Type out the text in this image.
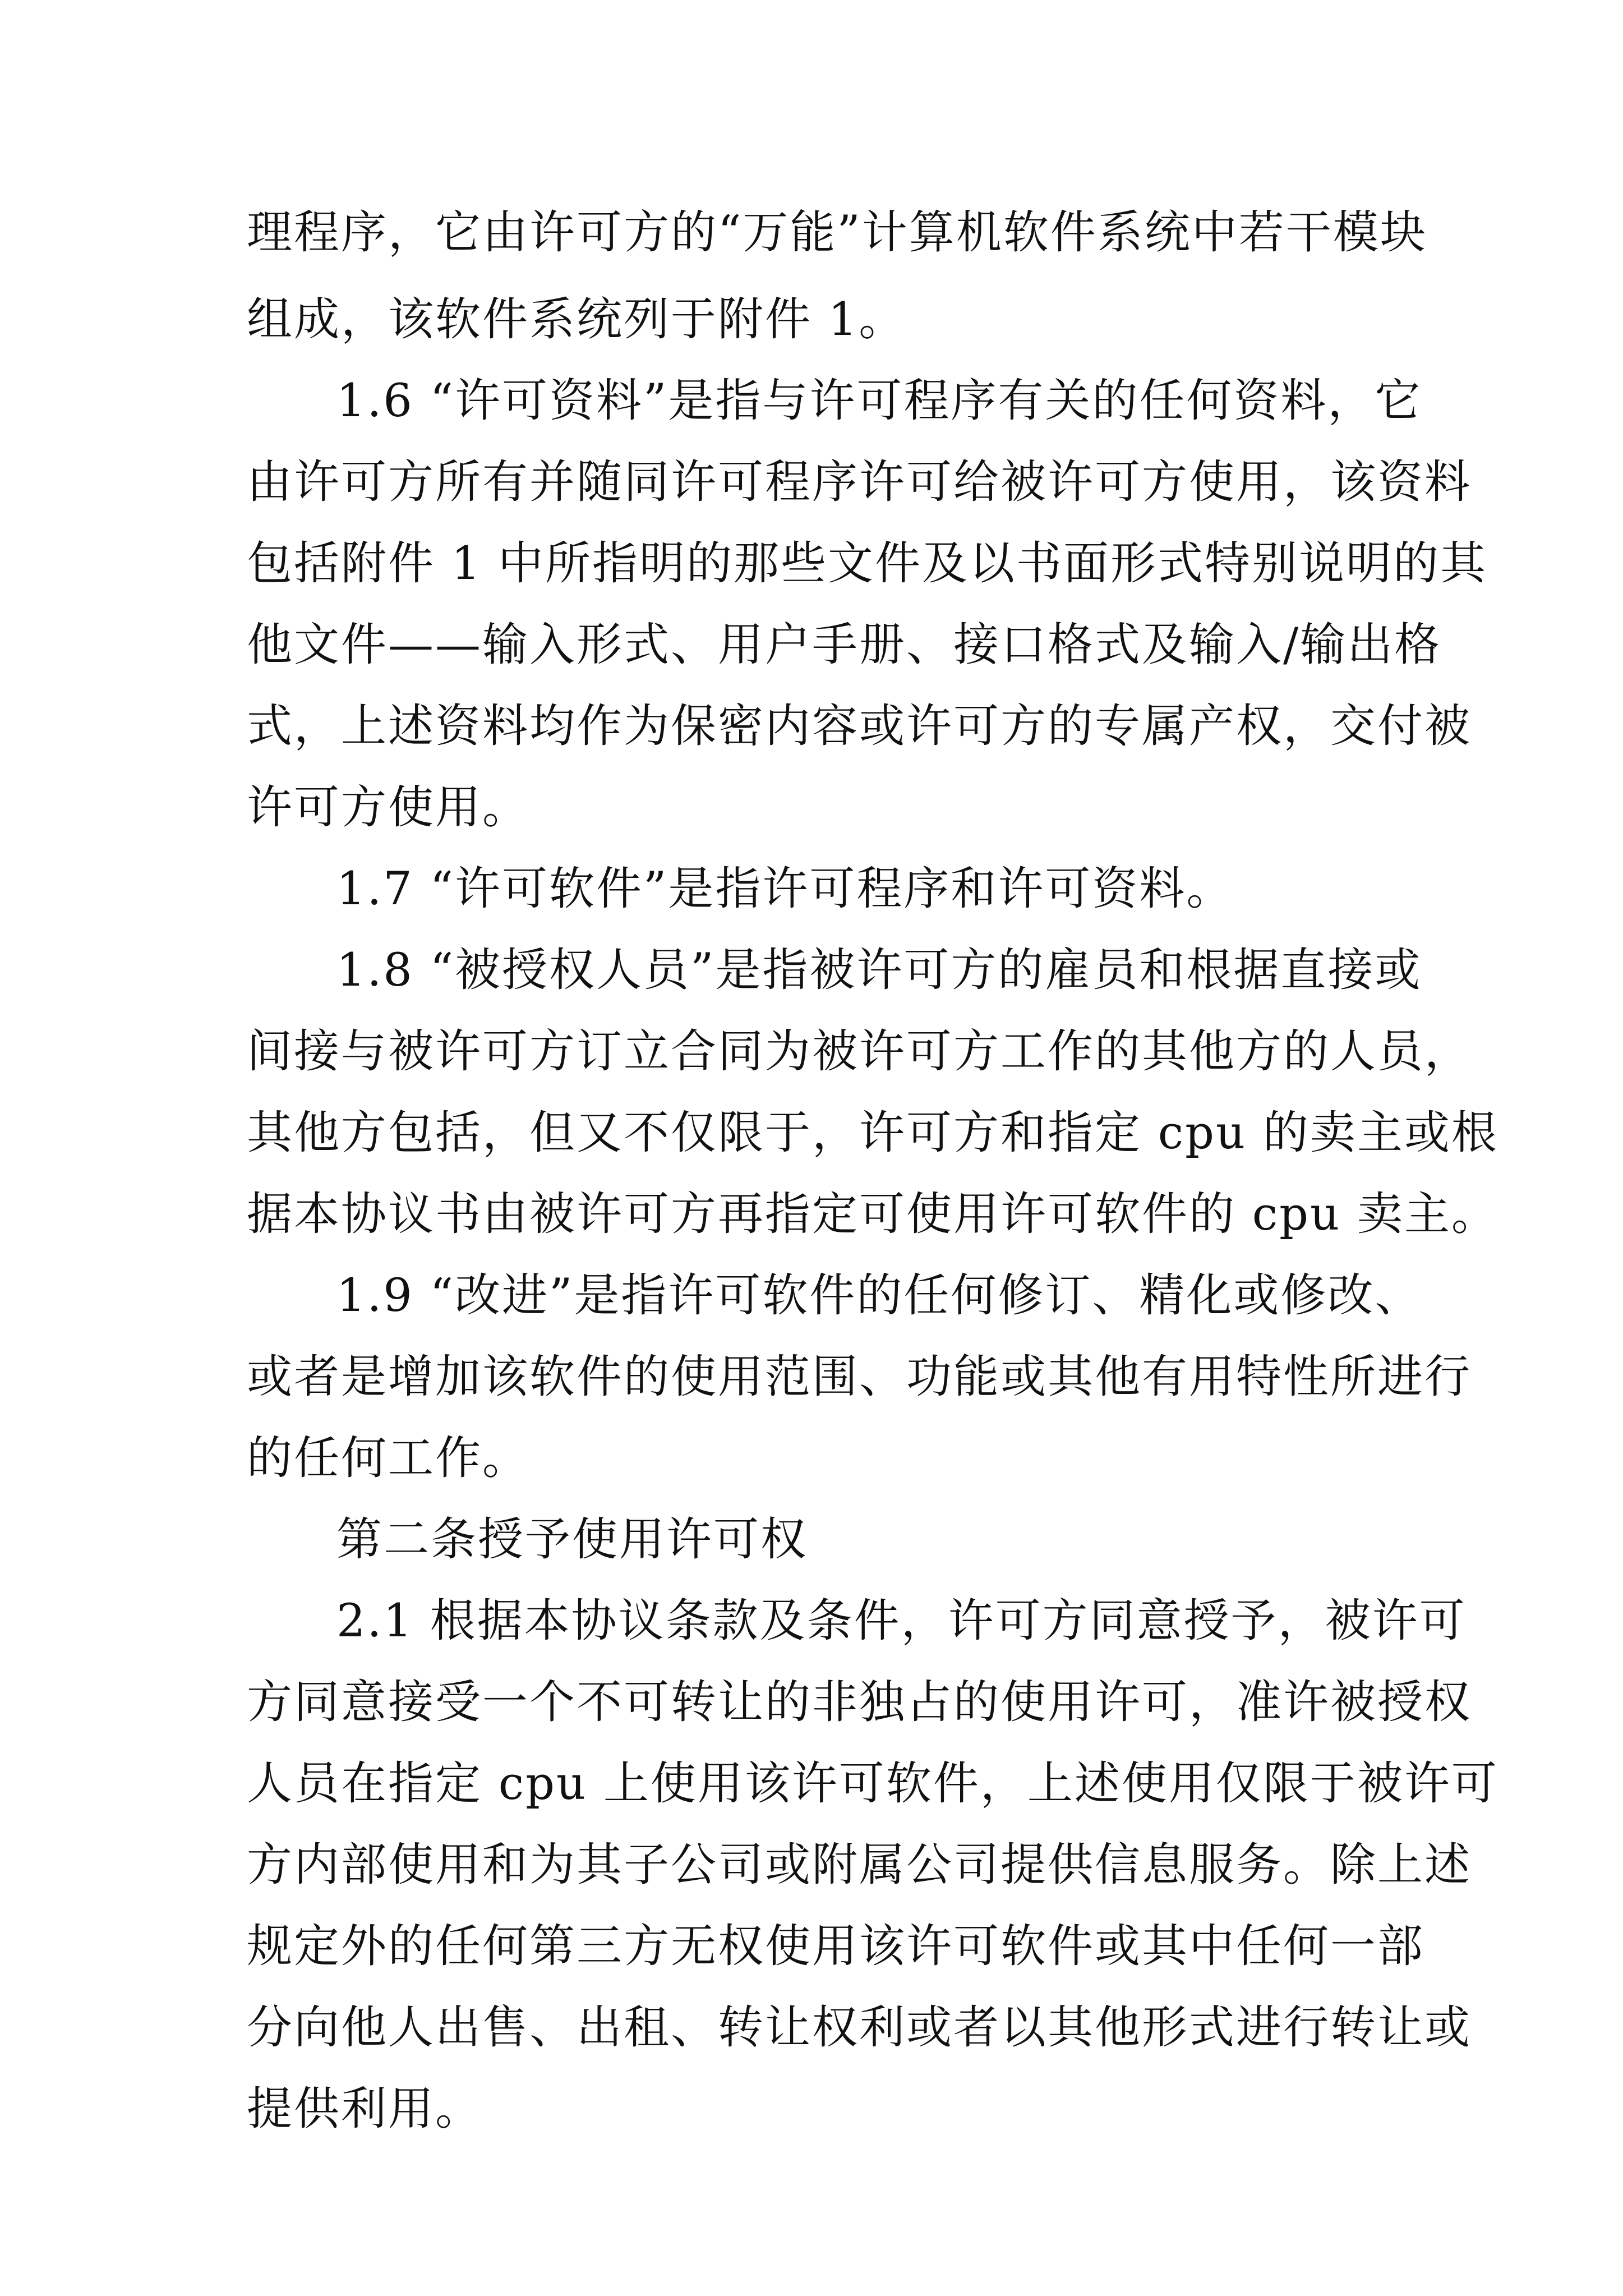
理程序，它由许可方的“万能”计算机软件系统中若干模块
组成，该软件系统列于附件 1。
1.6 “许可资料”是指与许可程序有关的任何资料，它
由许可方所有并随同许可程序许可给被许可方使用，该资料
包括附件 1 中所指明的那些文件及以书面形式特别说明的其
他文件——输入形式、用户手册、接口格式及输入/输出格
式，上述资料均作为保密内容或许可方的专属产权，交付被
许可方使用。
1.7 “许可软件”是指许可程序和许可资料。
1.8 “被授权人员”是指被许可方的雇员和根据直接或
间接与被许可方订立合同为被许可方工作的其他方的人员，
其他方包括，但又不仅限于，许可方和指定 cpu 的卖主或根
据本协议书由被许可方再指定可使用许可软件的 cpu 卖主。
1.9 “改进”是指许可软件的任何修订、精化或修改、
或者是增加该软件的使用范围、功能或其他有用特性所进行
的任何工作。
第二条授予使用许可权
2.1 根据本协议条款及条件，许可方同意授予，被许可
方同意接受一个不可转让的非独占的使用许可，准许被授权
人员在指定 cpu 上使用该许可软件，上述使用仅限于被许可
方内部使用和为其子公司或附属公司提供信息服务。除上述
规定外的任何第三方无权使用该许可软件或其中任何一部
分向他人出售、出租、转让权利或者以其他形式进行转让或
提供利用。
